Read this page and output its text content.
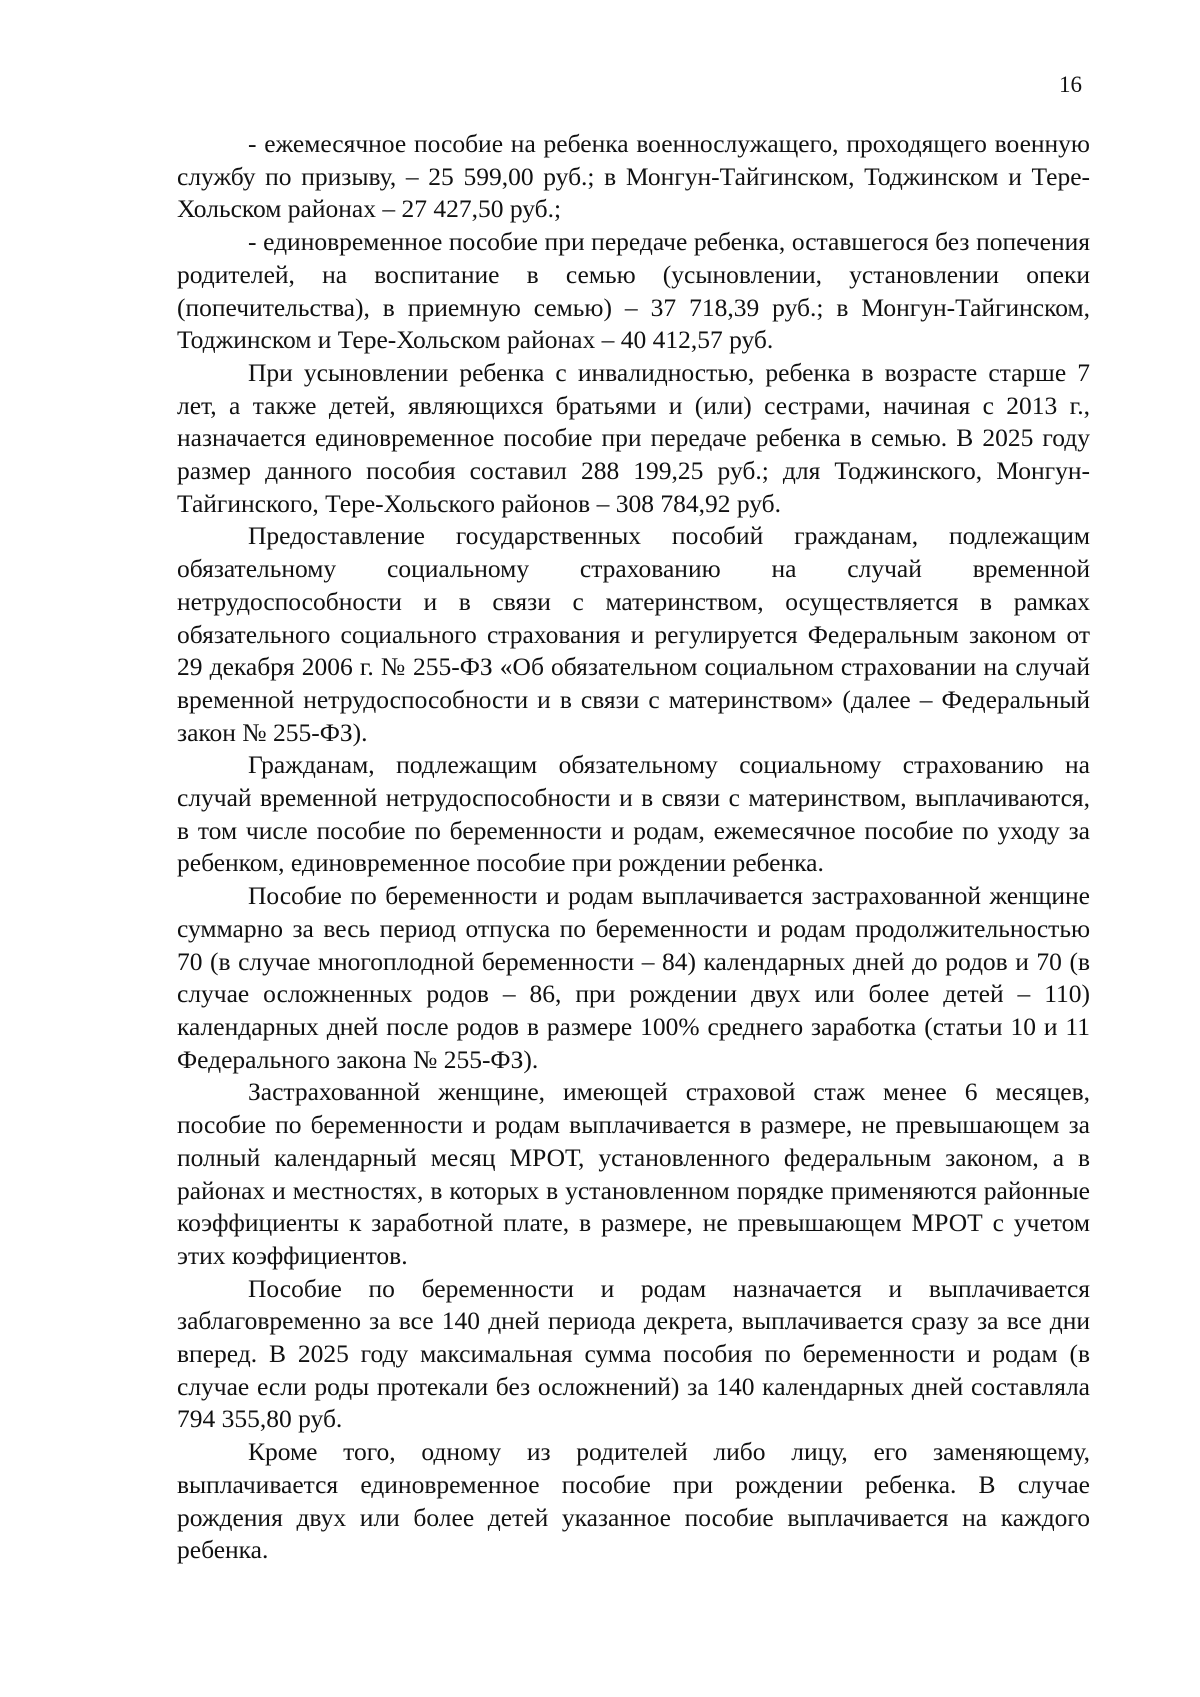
16

- ежемесячное пособие на ребенка военнослужащего, проходящего военную службу по призыву, – 25 599,00 руб.; в Монгун-Тайгинском, Тоджинском и Тере-Хольском районах – 27 427,50 руб.;

- единовременное пособие при передаче ребенка, оставшегося без попечения родителей, на воспитание в семью (усыновлении, установлении опеки (попечительства), в приемную семью) – 37 718,39 руб.; в Монгун-Тайгинском, Тоджинском и Тере-Хольском районах – 40 412,57 руб.

При усыновлении ребенка с инвалидностью, ребенка в возрасте старше 7 лет, а также детей, являющихся братьями и (или) сестрами, начиная с 2013 г., назначается единовременное пособие при передаче ребенка в семью. В 2025 году размер данного пособия составил 288 199,25 руб.; для Тоджинского, Монгун-Тайгинского, Тере-Хольского районов – 308 784,92 руб.

Предоставление государственных пособий гражданам, подлежащим обязательному социальному страхованию на случай временной нетрудоспособности и в связи с материнством, осуществляется в рамках обязательного социального страхования и регулируется Федеральным законом от 29 декабря 2006 г. № 255-ФЗ «Об обязательном социальном страховании на случай временной нетрудоспособности и в связи с материнством» (далее – Федеральный закон № 255-ФЗ).

Гражданам, подлежащим обязательному социальному страхованию на случай временной нетрудоспособности и в связи с материнством, выплачиваются, в том числе пособие по беременности и родам, ежемесячное пособие по уходу за ребенком, единовременное пособие при рождении ребенка.

Пособие по беременности и родам выплачивается застрахованной женщине суммарно за весь период отпуска по беременности и родам продолжительностью 70 (в случае многоплодной беременности – 84) календарных дней до родов и 70 (в случае осложненных родов – 86, при рождении двух или более детей – 110) календарных дней после родов в размере 100% среднего заработка (статьи 10 и 11 Федерального закона № 255-ФЗ).

Застрахованной женщине, имеющей страховой стаж менее 6 месяцев, пособие по беременности и родам выплачивается в размере, не превышающем за полный календарный месяц МРОТ, установленного федеральным законом, а в районах и местностях, в которых в установленном порядке применяются районные коэффициенты к заработной плате, в размере, не превышающем МРОТ с учетом этих коэффициентов.

Пособие по беременности и родам назначается и выплачивается заблаговременно за все 140 дней периода декрета, выплачивается сразу за все дни вперед. В 2025 году максимальная сумма пособия по беременности и родам (в случае если роды протекали без осложнений) за 140 календарных дней составляла 794 355,80 руб.

Кроме того, одному из родителей либо лицу, его заменяющему, выплачивается единовременное пособие при рождении ребенка. В случае рождения двух или более детей указанное пособие выплачивается на каждого ребенка.
